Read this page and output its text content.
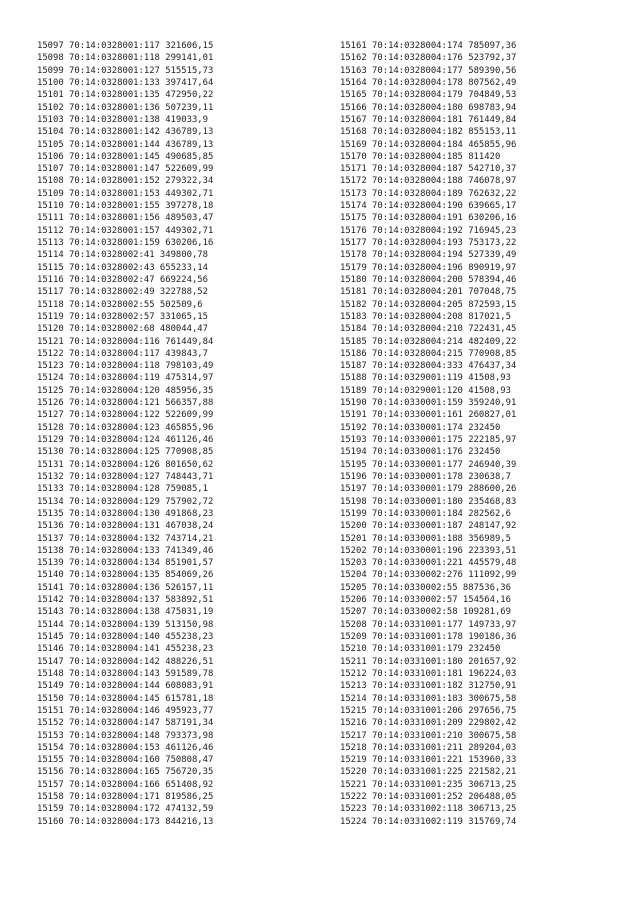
15097 70:14:0328001:117 321606,15
15098 70:14:0328001:118 299141,01
15099 70:14:0328001:127 515515,73
15100 70:14:0328001:133 397417,64
15101 70:14:0328001:135 472950,22
15102 70:14:0328001:136 507239,11
15103 70:14:0328001:138 419033,9
15104 70:14:0328001:142 436789,13
15105 70:14:0328001:144 436789,13
15106 70:14:0328001:145 490685,85
15107 70:14:0328001:147 522609,99
15108 70:14:0328001:152 279322,34
15109 70:14:0328001:153 449302,71
15110 70:14:0328001:155 397278,18
15111 70:14:0328001:156 489503,47
15112 70:14:0328001:157 449302,71
15113 70:14:0328001:159 630206,16
15114 70:14:0328002:41 349800,78
15115 70:14:0328002:43 655233,14
15116 70:14:0328002:47 669224,56
15117 70:14:0328002:49 322788,52
15118 70:14:0328002:55 502509,6
15119 70:14:0328002:57 331065,15
15120 70:14:0328002:68 480044,47
15121 70:14:0328004:116 761449,84
15122 70:14:0328004:117 439843,7
15123 70:14:0328004:118 798103,49
15124 70:14:0328004:119 475314,97
15125 70:14:0328004:120 485956,35
15126 70:14:0328004:121 566357,88
15127 70:14:0328004:122 522609,99
15128 70:14:0328004:123 465855,96
15129 70:14:0328004:124 461126,46
15130 70:14:0328004:125 770908,85
15131 70:14:0328004:126 801650,62
15132 70:14:0328004:127 748443,71
15133 70:14:0328004:128 759085,1
15134 70:14:0328004:129 757902,72
15135 70:14:0328004:130 491868,23
15136 70:14:0328004:131 467038,24
15137 70:14:0328004:132 743714,21
15138 70:14:0328004:133 741349,46
15139 70:14:0328004:134 851901,57
15140 70:14:0328004:135 854069,26
15141 70:14:0328004:136 526157,11
15142 70:14:0328004:137 583892,51
15143 70:14:0328004:138 475031,19
15144 70:14:0328004:139 513150,98
15145 70:14:0328004:140 455238,23
15146 70:14:0328004:141 455238,23
15147 70:14:0328004:142 488226,51
15148 70:14:0328004:143 591589,78
15149 70:14:0328004:144 608083,91
15150 70:14:0328004:145 615781,18
15151 70:14:0328004:146 495923,77
15152 70:14:0328004:147 587191,34
15153 70:14:0328004:148 793373,98
15154 70:14:0328004:153 461126,46
15155 70:14:0328004:160 750808,47
15156 70:14:0328004:165 756720,35
15157 70:14:0328004:166 651408,92
15158 70:14:0328004:171 819586,25
15159 70:14:0328004:172 474132,59
15160 70:14:0328004:173 844216,13
15161 70:14:0328004:174 785097,36
15162 70:14:0328004:176 523792,37
15163 70:14:0328004:177 589390,56
15164 70:14:0328004:178 807562,49
15165 70:14:0328004:179 704849,53
15166 70:14:0328004:180 698783,94
15167 70:14:0328004:181 761449,84
15168 70:14:0328004:182 855153,11
15169 70:14:0328004:184 465855,96
15170 70:14:0328004:185 811420
15171 70:14:0328004:187 542710,37
15172 70:14:0328004:188 746078,97
15173 70:14:0328004:189 762632,22
15174 70:14:0328004:190 639665,17
15175 70:14:0328004:191 630206,16
15176 70:14:0328004:192 716945,23
15177 70:14:0328004:193 753173,22
15178 70:14:0328004:194 527339,49
15179 70:14:0328004:196 890919,97
15180 70:14:0328004:200 578394,46
15181 70:14:0328004:201 707048,75
15182 70:14:0328004:205 872593,15
15183 70:14:0328004:208 817021,5
15184 70:14:0328004:210 722431,45
15185 70:14:0328004:214 482409,22
15186 70:14:0328004:215 770908,85
15187 70:14:0328004:333 476437,34
15188 70:14:0329001:119 41508,93
15189 70:14:0329001:120 41508,93
15190 70:14:0330001:159 359240,91
15191 70:14:0330001:161 260827,01
15192 70:14:0330001:174 232450
15193 70:14:0330001:175 222185,97
15194 70:14:0330001:176 232450
15195 70:14:0330001:177 246940,39
15196 70:14:0330001:178 230638,7
15197 70:14:0330001:179 288600,26
15198 70:14:0330001:180 235468,83
15199 70:14:0330001:184 282562,6
15200 70:14:0330001:187 248147,92
15201 70:14:0330001:188 356989,5
15202 70:14:0330001:196 223393,51
15203 70:14:0330001:221 445579,48
15204 70:14:0330002:276 111092,99
15205 70:14:0330002:55 887536,36
15206 70:14:0330002:57 154564,16
15207 70:14:0330002:58 109281,69
15208 70:14:0331001:177 149733,97
15209 70:14:0331001:178 190186,36
15210 70:14:0331001:179 232450
15211 70:14:0331001:180 201657,92
15212 70:14:0331001:181 196224,03
15213 70:14:0331001:182 312750,91
15214 70:14:0331001:183 300675,58
15215 70:14:0331001:206 297656,75
15216 70:14:0331001:209 229802,42
15217 70:14:0331001:210 300675,58
15218 70:14:0331001:211 289204,03
15219 70:14:0331001:221 153960,33
15220 70:14:0331001:225 221582,21
15221 70:14:0331001:235 306713,25
15222 70:14:0331001:252 206488,05
15223 70:14:0331002:118 306713,25
15224 70:14:0331002:119 315769,74
